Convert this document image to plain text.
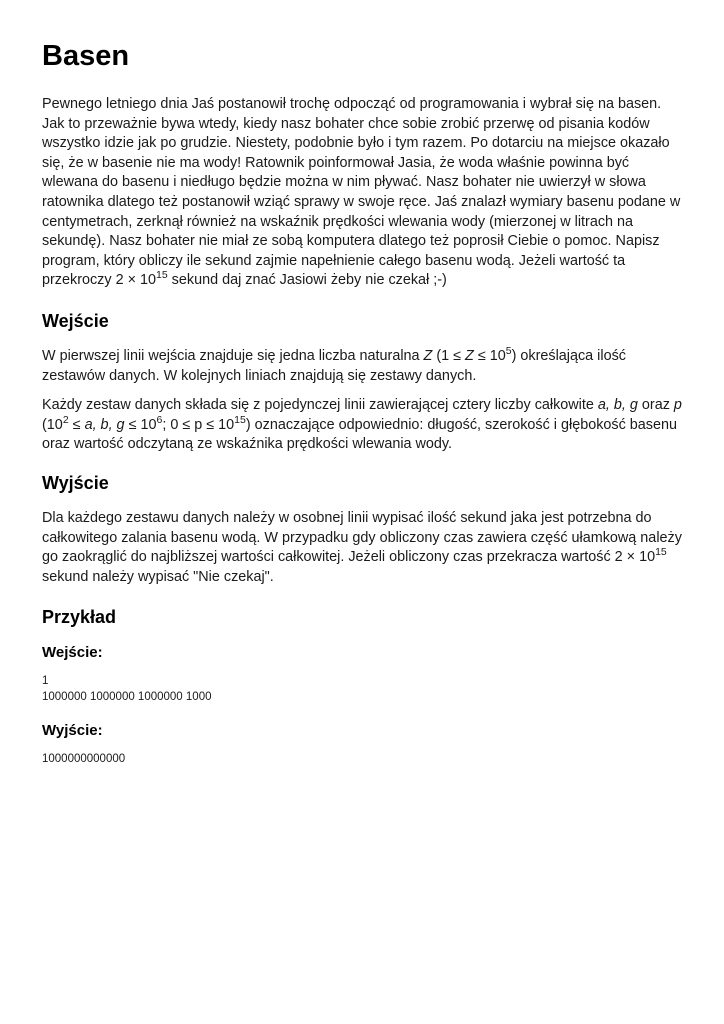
Basen

Pewnego letniego dnia Jaś postanowił trochę odpocząć od programowania i wybrał się na basen. Jak to przeważnie bywa wtedy, kiedy nasz bohater chce sobie zrobić przerwę od pisania kodów wszystko idzie jak po grudzie. Niestety, podobnie było i tym razem. Po dotarciu na miejsce okazało się, że w basenie nie ma wody! Ratownik poinformował Jasia, że woda właśnie powinna być wlewana do basenu i niedługo będzie można w nim pływać. Nasz bohater nie uwierzył w słowa ratownika dlatego też postanowił wziąć sprawy w swoje ręce. Jaś znalazł wymiary basenu podane w centymetrach, zerknął również na wskaźnik prędkości wlewania wody (mierzonej w litrach na sekundę). Nasz bohater nie miał ze sobą komputera dlatego też poprosił Ciebie o pomoc. Napisz program, który obliczy ile sekund zajmie napełnienie całego basenu wodą. Jeżeli wartość ta przekroczy $2 \times 10^{15}$ sekund daj znać Jasiowi żeby nie czekał ;-)

Wejście

W pierwszej linii wejścia znajduje się jedna liczba naturalna Z $(1 \le Z \le 10^5)$ określająca ilość zestawów danych. W kolejnych liniach znajdują się zestawy danych.

Każdy zestaw danych składa się z pojedynczej linii zawierającej cztery liczby całkowite a, b, g oraz p ($10^2 \le a$, b, $g \le 10^6$; $0 \le p \le 10^{15}$) oznaczające odpowiednio: długość, szerokość i głębokość basenu oraz wartość odczytaną ze wskaźnika prędkości wlewania wody.

Wyjście

Dla każdego zestawu danych należy w osobnej linii wypisać ilość sekund jaka jest potrzebna do całkowitego zalania basenu wodą. W przypadku gdy obliczony czas zawiera część ułamkową należy go zaokrąglić do najbliższej wartości całkowitej. Jeżeli obliczony czas przekracza wartość $2 \times 10^{15}$ sekund należy wypisać "Nie czekaj".

Przykład
Wejście:
1
1000000 1000000 1000000 1000
Wyjście:
1000000000000
